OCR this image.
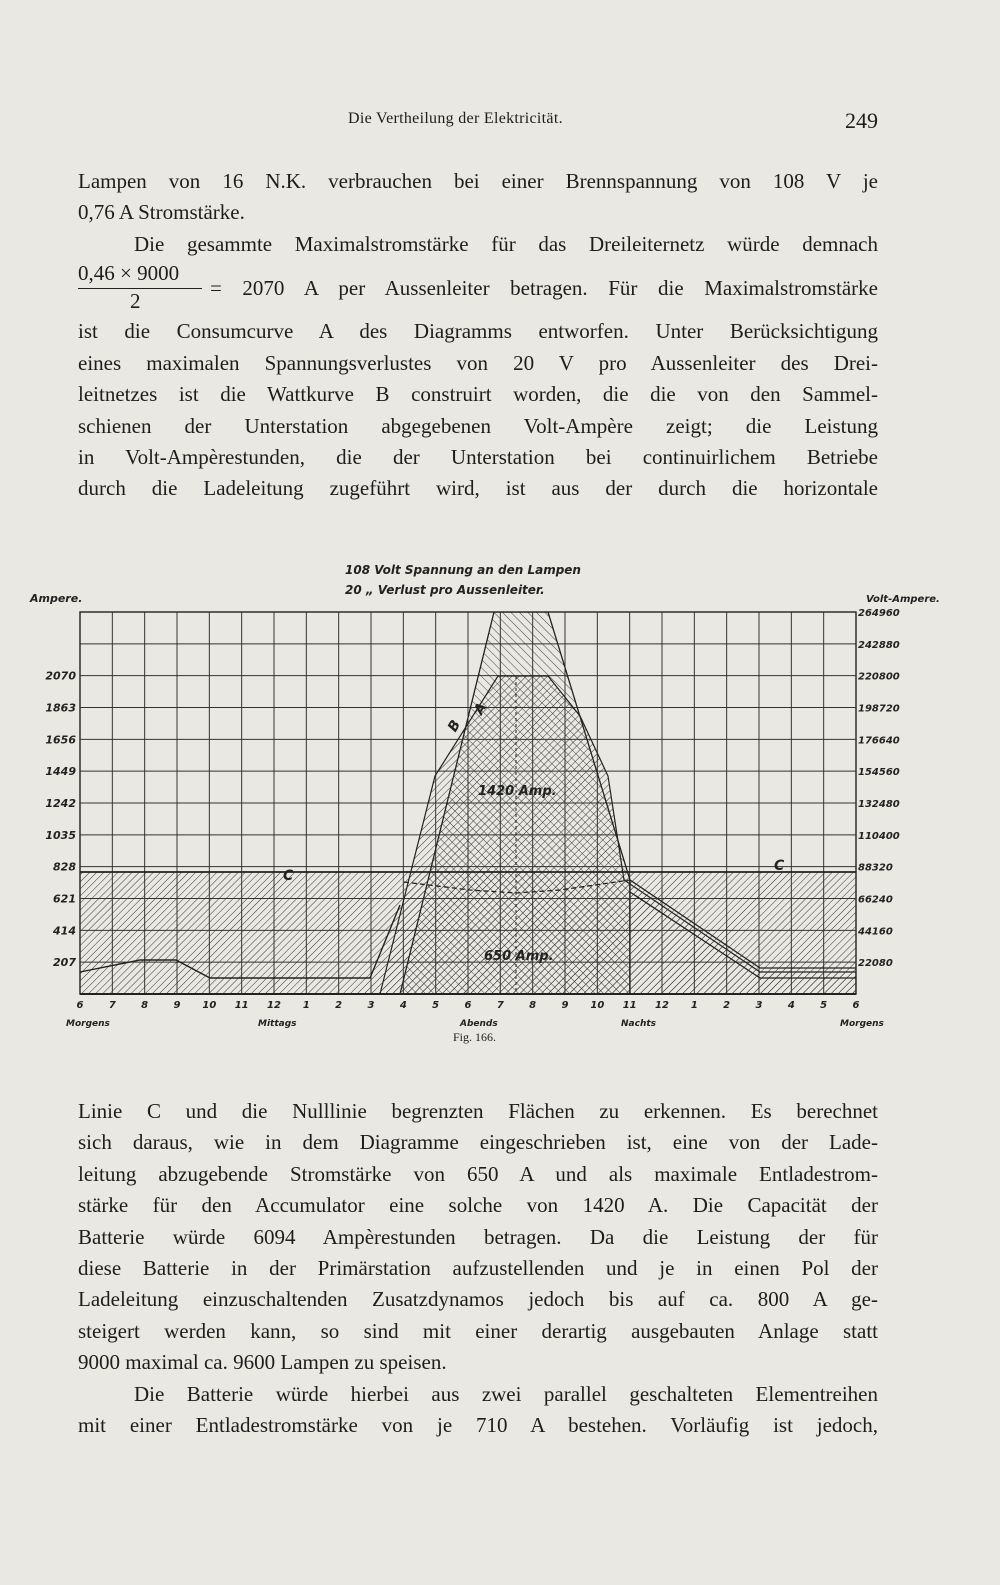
Die Vertheilung der Elektricität.	249
Lampen von 16 N.K. verbrauchen bei einer Brennspannung von 108 V je
0,76 A Stromstärke.
Die gesammte Maximalstromstärke für das Dreileiternetz würde demnach
0,46 × 9000
2
= 2070 A per Aussenleiter betragen. Für die Maximalstromstärke
ist die Consumcurve A des Diagramms entworfen. Unter Berücksichtigung
eines maximalen Spannungsverlustes von 20 V pro Aussenleiter des Drei-
leitnetzes ist die Wattkurve B construirt worden, die die von den Sammel-
schienen der Unterstation abgegebenen Volt-Ampère zeigt; die Leistung
in Volt-Ampèrestunden, die der Unterstation bei continuirlichem Betriebe
durch die Ladeleitung zugeführt wird, ist aus der durch die horizontale
108 Volt Spannung an den Lampen
20 „ Verlust pro Aussenleiter.
Ampere.	Volt-Ampere.
2070
1863
1656
1449
1242
1035
828
621
414
207
264960
242880
220800
198720
176640
154560
132480
110400
88320
66240
44160
22080
6	7	8	9 10 11 12 1	2	3	4	5	6	7	8	9 10 11 12 1	2	3	4	5	6
Morgens	Mittags	Abends	Nachts	Morgens
C
C
B
A
1420 Amp.
650 Amp.
Fig. 166.
Linie C und die Nulllinie begrenzten Flächen zu erkennen. Es berechnet
sich daraus, wie in dem Diagramme eingeschrieben ist, eine von der Lade-
leitung abzugebende Stromstärke von 650 A und als maximale Entladestrom-
stärke für den Accumulator eine solche von 1420 A. Die Capacität der
Batterie würde 6094 Ampèrestunden betragen. Da die Leistung der für
diese Batterie in der Primärstation aufzustellenden und je in einen Pol der
Ladeleitung einzuschaltenden Zusatzdynamos jedoch bis auf ca. 800 A ge-
steigert werden kann, so sind mit einer derartig ausgebauten Anlage statt
9000 maximal ca. 9600 Lampen zu speisen.
Die Batterie würde hierbei aus zwei parallel geschalteten Elementreihen
mit einer Entladestromstärke von je 710 A bestehen. Vorläufig ist jedoch,
